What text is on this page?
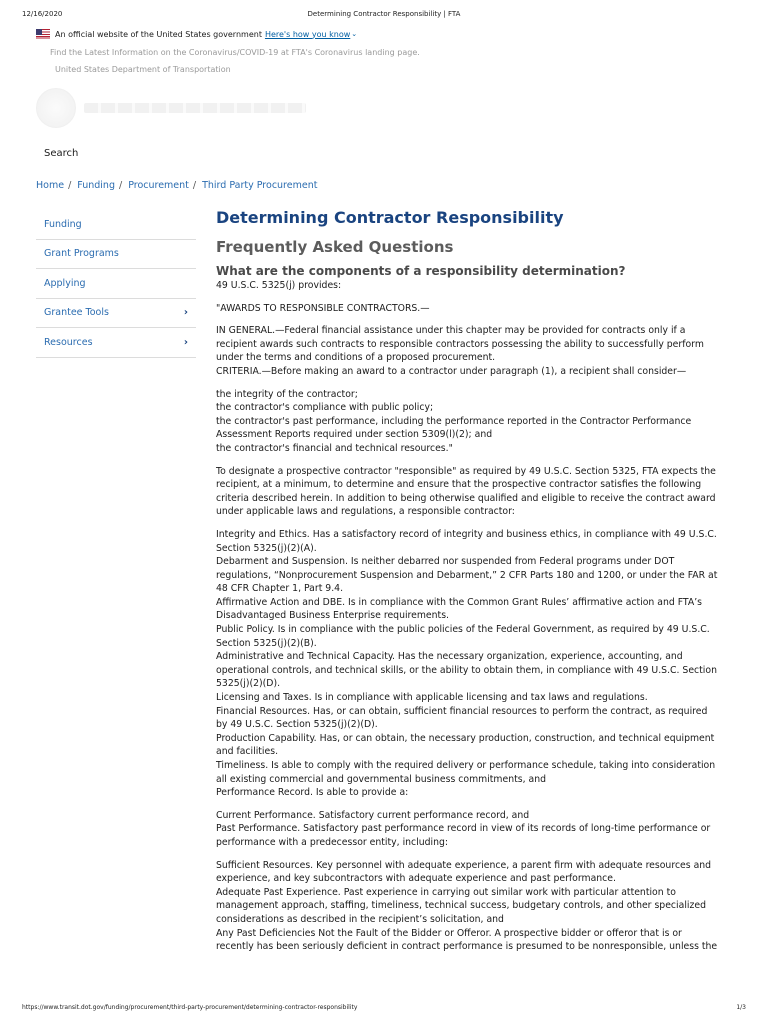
12/16/2020	Determining Contractor Responsibility | FTA
An official website of the United States government Here's how you know ⌄
Find the Latest Information on the Coronavirus/COVID-19 at FTA's Coronavirus landing page.
United States Department of Transportation
Search
Home / Funding / Procurement / Third Party Procurement
Funding
Grant Programs
Applying
Grantee Tools	›
Resources	›
Determining Contractor Responsibility
Frequently Asked Questions
What are the components of a responsibility determination?

49 U.S.C. 5325(j) provides:

"AWARDS TO RESPONSIBLE CONTRACTORS.—

IN GENERAL.—Federal financial assistance under this chapter may be provided for contracts only if a

recipient awards such contracts to responsible contractors possessing the ability to successfully perform

under the terms and conditions of a proposed procurement.

CRITERIA.—Before making an award to a contractor under paragraph (1), a recipient shall consider—

the integrity of the contractor;

the contractor's compliance with public policy;

the contractor's past performance, including the performance reported in the Contractor Performance

Assessment Reports required under section 5309(l)(2); and

the contractor's financial and technical resources."

To designate a prospective contractor "responsible" as required by 49 U.S.C. Section 5325, FTA expects the

recipient, at a minimum, to determine and ensure that the prospective contractor satisfies the following

criteria described herein. In addition to being otherwise qualified and eligible to receive the contract award

under applicable laws and regulations, a responsible contractor:

Integrity and Ethics. Has a satisfactory record of integrity and business ethics, in compliance with 49 U.S.C.

Section 5325(j)(2)(A).

Debarment and Suspension. Is neither debarred nor suspended from Federal programs under DOT

regulations, “Nonprocurement Suspension and Debarment,” 2 CFR Parts 180 and 1200, or under the FAR at

48 CFR Chapter 1, Part 9.4.

Affirmative Action and DBE. Is in compliance with the Common Grant Rules’ affirmative action and FTA’s

Disadvantaged Business Enterprise requirements.

Public Policy. Is in compliance with the public policies of the Federal Government, as required by 49 U.S.C.

Section 5325(j)(2)(B).

Administrative and Technical Capacity. Has the necessary organization, experience, accounting, and

operational controls, and technical skills, or the ability to obtain them, in compliance with 49 U.S.C. Section

5325(j)(2)(D).

Licensing and Taxes. Is in compliance with applicable licensing and tax laws and regulations.

Financial Resources. Has, or can obtain, sufficient financial resources to perform the contract, as required

by 49 U.S.C. Section 5325(j)(2)(D).

Production Capability. Has, or can obtain, the necessary production, construction, and technical equipment

and facilities.

Timeliness. Is able to comply with the required delivery or performance schedule, taking into consideration

all existing commercial and governmental business commitments, and

Performance Record. Is able to provide a:

Current Performance. Satisfactory current performance record, and

Past Performance. Satisfactory past performance record in view of its records of long-time performance or

performance with a predecessor entity, including:

Sufficient Resources. Key personnel with adequate experience, a parent firm with adequate resources and

experience, and key subcontractors with adequate experience and past performance.

Adequate Past Experience. Past experience in carrying out similar work with particular attention to

management approach, staffing, timeliness, technical success, budgetary controls, and other specialized

considerations as described in the recipient’s solicitation, and

Any Past Deficiencies Not the Fault of the Bidder or Offeror. A prospective bidder or offeror that is or

recently has been seriously deficient in contract performance is presumed to be nonresponsible, unless the

https://www.transit.dot.gov/funding/procurement/third-party-procurement/determining-contractor-responsibility	1/3
